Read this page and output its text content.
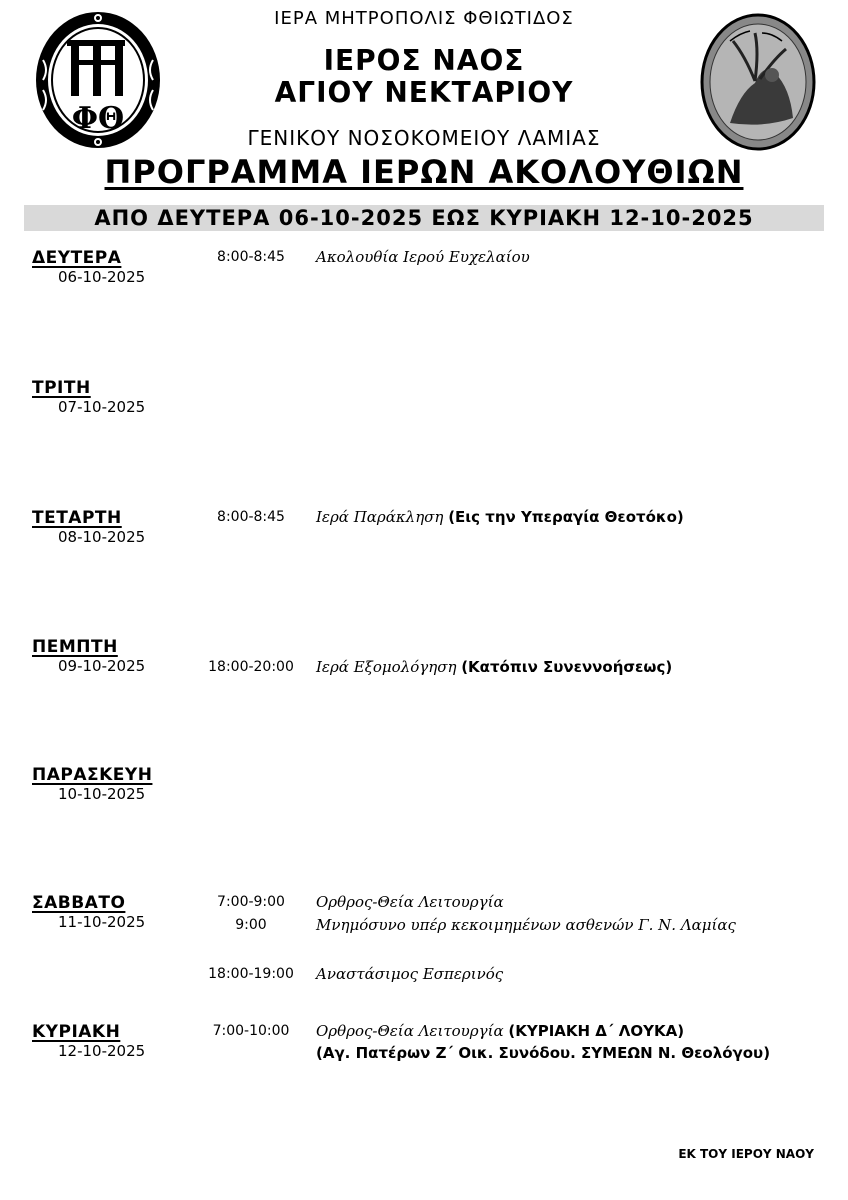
ΦΘ
ΙΕΡΑ ΜΗΤΡΟΠΟΛΙΣ ΦΘΙΩΤΙΔΟΣ
ΙΕΡΟΣ ΝΑΟΣ
ΑΓΙΟΥ ΝΕΚΤΑΡΙΟΥ
ΓΕΝΙΚΟΥ ΝΟΣΟΚΟΜΕΙΟΥ ΛΑΜΙΑΣ
ΠΡΟΓΡΑΜΜΑ ΙΕΡΩΝ ΑΚΟΛΟΥΘΙΩΝ
ΑΠΟ ΔΕΥΤΕΡΑ 06-10-2025 ΕΩΣ ΚΥΡΙΑΚΗ 12-10-2025
ΔΕΥΤΕΡΑ
06-10-2025
8:00-8:45	Ακολουθία Ιερού Ευχελαίου
ΤΡΙΤΗ
07-10-2025
ΤΕΤΑΡΤΗ
08-10-2025
8:00-8:45	Ιερά Παράκληση (Εις την Υπεραγία Θεοτόκο)
ΠΕΜΠΤΗ
09-10-2025	18:00-20:00	Ιερά Εξομολόγηση (Κατόπιν Συνεννοήσεως)
ΠΑΡΑΣΚΕΥΗ
10-10-2025
ΣΑΒΒΑΤΟ
11-10-2025
7:00-9:00	Ορθρος-Θεία Λειτουργία
9:00	Μνημόσυνο υπέρ κεκοιμημένων ασθενών Γ. Ν. Λαμίας
18:00-19:00	Αναστάσιμος Εσπερινός
ΚΥΡΙΑΚΗ
12-10-2025
7:00-10:00	Ορθρος-Θεία Λειτουργία (ΚΥΡΙΑΚΗ Δ΄ ΛΟΥΚΑ)
(Αγ. Πατέρων Ζ΄ Οικ. Συνόδου. ΣΥΜΕΩΝ Ν. Θεολόγου)
ΕΚ ΤΟΥ ΙΕΡΟΥ ΝΑΟΥ
